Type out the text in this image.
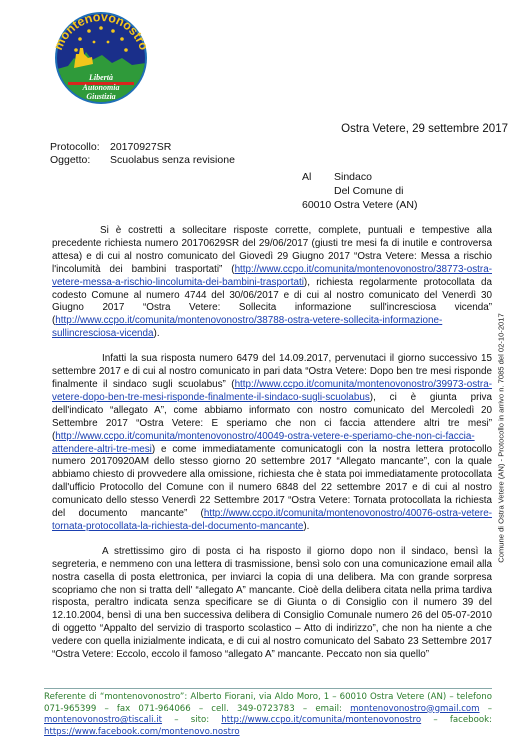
montenovonostro
Libertà
Autonomia
Giustizia
Ostra Vetere, 29 settembre 2017
Protocollo: 20170927SR
Oggetto:	Scuolabus senza revisione
Al	Sindaco
Del Comune di
60010 Ostra Vetere (AN)
Comune di Ostra Vetere (AN) - Protocollo in arrivo n. 7085 del 02-10-2017

Si è costretti a sollecitare risposte corrette, complete, puntuali e tempestive alla precedente richiesta numero 20170629SR del 29/06/2017 (giusti tre mesi fa di inutile e controversa attesa) e di cui al nostro comunicato del Giovedì 29 Giugno 2017 “Ostra Vetere: Messa a rischio l'incolumità dei bambini trasportati” (http://www.ccpo.it/comunita/montenovonostro/38773-ostra-vetere-messa-a-rischio-lincolumita-dei-bambini-trasportati), richiesta regolarmente protocollata da codesto Comune al numero 4744 del 30/06/2017 e di cui al nostro comunicato del Venerdì 30 Giugno 2017 “Ostra Vetere: Sollecita informazione sull'incresciosa vicenda” (http://www.ccpo.it/comunita/montenovonostro/38788-ostra-vetere-sollecita-informazione-sullincresciosa-vicenda).

Infatti la sua risposta numero 6479 del 14.09.2017, pervenutaci il giorno successivo 15 settembre 2017 e di cui al nostro comunicato in pari data “Ostra Vetere: Dopo ben tre mesi risponde finalmente il sindaco sugli scuolabus” (http://www.ccpo.it/comunita/montenovonostro/39973-ostra-vetere-dopo-ben-tre-mesi-risponde-finalmente-il-sindaco-sugli-scuolabus), ci è giunta priva dell'indicato “allegato A”, come abbiamo informato con nostro comunicato del Mercoledì 20 Settembre 2017 “Ostra Vetere: E speriamo che non ci faccia attendere altri tre mesi” (http://www.ccpo.it/comunita/montenovonostro/40049-ostra-vetere-e-speriamo-che-non-ci-faccia-attendere-altri-tre-mesi) e come immediatamente comunicatogli con la nostra lettera protocollo numero 20170920AM dello stesso giorno 20 settembre 2017 “Allegato mancante”, con la quale abbiamo chiesto di provvedere alla omissione, richiesta che è stata poi immediatamente protocollata dall'ufficio Protocollo del Comune con il numero 6848 del 22 settembre 2017 e di cui al nostro comunicato dello stesso Venerdì 22 Settembre 2017 “Ostra Vetere: Tornata protocollata la richiesta del documento mancante” (http://www.ccpo.it/comunita/montenovonostro/40076-ostra-vetere-tornata-protocollata-la-richiesta-del-documento-mancante).

A strettissimo giro di posta ci ha risposto il giorno dopo non il sindaco, bensì la segreteria, e nemmeno con una lettera di trasmissione, bensì solo con una comunicazione email alla nostra casella di posta elettronica, per inviarci la copia di una delibera. Ma con grande sorpresa scopriamo che non si tratta dell' “allegato A” mancante. Cioè della delibera citata nella prima tardiva risposta, peraltro indicata senza specificare se di Giunta o di Consiglio con il numero 39 del 12.10.2004, bensì di una ben successiva delibera di Consiglio Comunale numero 26 del 05-07-2010 di oggetto “Appalto del servizio di trasporto scolastico – Atto di indirizzo”, che non ha niente a che vedere con quella inizialmente indicata, e di cui al nostro comunicato del Sabato 23 Settembre 2017 “Ostra Vetere: Eccolo, eccolo il famoso “allegato A” mancante. Peccato non sia quello”

Referente di “montenovonostro”: Alberto Fiorani, via Aldo Moro, 1 – 60010 Ostra Vetere (AN) – telefono 071-965399 – fax 071-964066 – cell. 349-0723783 – email: montenovonostro@gmail.com – montenovonostro@tiscali.it – sito: http://www.ccpo.it/comunita/montenovonostro – facebook: https://www.facebook.com/montenovo.nostro
